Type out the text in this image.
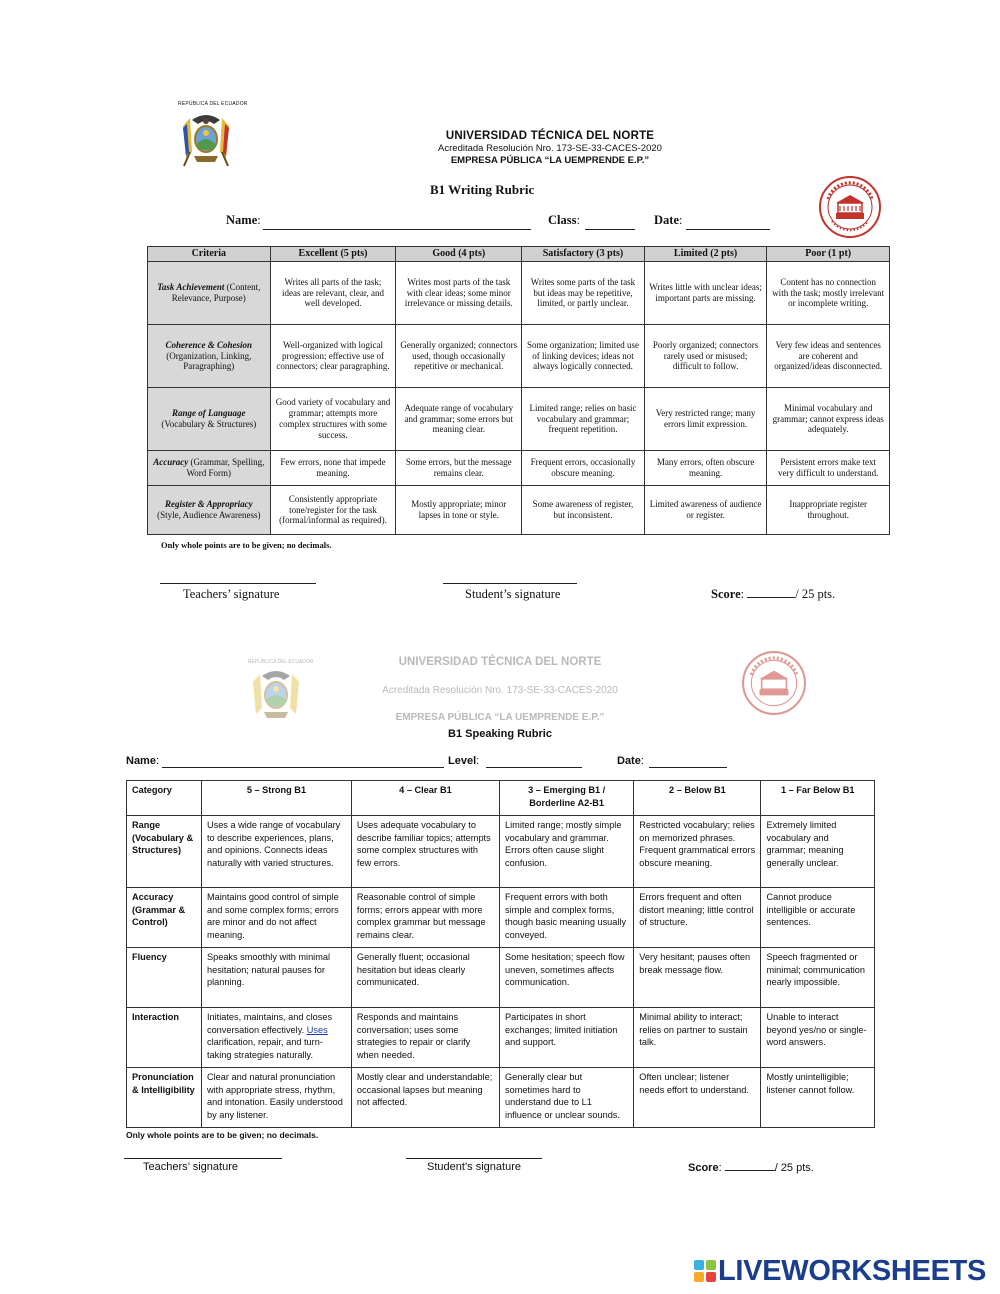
REPÚBLICA DEL ECUADOR
UNIVERSIDAD TÉCNICA DEL NORTE
Acreditada Resolución Nro. 173-SE-33-CACES-2020
EMPRESA PÚBLICA “LA UEMPRENDE E.P.”
B1 Writing Rubric
Name:	Class:	Date:
Criteria	Excellent (5 pts)	Good (4 pts)	Satisfactory (3 pts)	Limited (2 pts)	Poor (1 pt)
Task Achievement (Content, Relevance, Purpose)	Writes all parts of the task; ideas are relevant, clear, and well developed.	Writes most parts of the task with clear ideas; some minor irrelevance or missing details.	Writes some parts of the task but ideas may be repetitive, limited, or partly unclear.	Writes little with unclear ideas; important parts are missing.	Content has no connection with the task; mostly irrelevant or incomplete writing.
Coherence & Cohesion (Organization, Linking, Paragraphing)	Well-organized with logical progression; effective use of connectors; clear paragraphing.	Generally organized; connectors used, though occasionally repetitive or mechanical.	Some organization; limited use of linking devices; ideas not always logically connected.	Poorly organized; connectors rarely used or misused; difficult to follow.	Very few ideas and sentences are coherent and organized/ideas disconnected.
Range of Language (Vocabulary & Structures)	Good variety of vocabulary and grammar; attempts more complex structures with some success.	Adequate range of vocabulary and grammar; some errors but meaning clear.	Limited range; relies on basic vocabulary and grammar; frequent repetition.	Very restricted range; many errors limit expression.	Minimal vocabulary and grammar; cannot express ideas adequately.
Accuracy (Grammar, Spelling, Word Form)	Few errors, none that impede meaning.	Some errors, but the message remains clear.	Frequent errors, occasionally obscure meaning.	Many errors, often obscure meaning.	Persistent errors make text very difficult to understand.
Register & Appropriacy (Style, Audience Awareness)	Consistently appropriate tone/register for the task (formal/informal as required).	Mostly appropriate; minor lapses in tone or style.	Some awareness of register, but inconsistent.	Limited awareness of audience or register.	Inappropriate register throughout.
Only whole points are to be given; no decimals.
Teachers’ signature	Student’s signature	Score:	/ 25 pts.
REPÚBLICA DEL ECUADOR	UNIVERSIDAD TÉCNICA DEL NORTE
Acreditada Resolución Nro. 173-SE-33-CACES-2020
EMPRESA PÚBLICA “LA UEMPRENDE E.P.”
B1 Speaking Rubric
Name:	Level:	Date:
Category	5 – Strong B1	4 – Clear B1	3 – Emerging B1 / Borderline A2-B1	2 – Below B1	1 – Far Below B1
Range (Vocabulary & Structures)	Uses a wide range of vocabulary to describe experiences, plans, and opinions. Connects ideas naturally with varied structures.	Uses adequate vocabulary to describe familiar topics; attempts some complex structures with few errors.	Limited range; mostly simple vocabulary and grammar. Errors often cause slight confusion.	Restricted vocabulary; relies on memorized phrases. Frequent grammatical errors obscure meaning.	Extremely limited vocabulary and grammar; meaning generally unclear.
Accuracy (Grammar & Control)	Maintains good control of simple and some complex forms; errors are minor and do not affect meaning.	Reasonable control of simple forms; errors appear with more complex grammar but message remains clear.	Frequent errors with both simple and complex forms, though basic meaning usually conveyed.	Errors frequent and often distort meaning; little control of structure.	Cannot produce intelligible or accurate sentences.
Fluency	Speaks smoothly with minimal hesitation; natural pauses for planning.	Generally fluent; occasional hesitation but ideas clearly communicated.	Some hesitation; speech flow uneven, sometimes affects communication.	Very hesitant; pauses often break message flow.	Speech fragmented or minimal; communication nearly impossible.
Interaction	Initiates, maintains, and closes conversation effectively. Uses clarification, repair, and turn-taking strategies naturally.	Responds and maintains conversation; uses some strategies to repair or clarify when needed.	Participates in short exchanges; limited initiation and support.	Minimal ability to interact; relies on partner to sustain talk.	Unable to interact beyond yes/no or single-word answers.
Pronunciation & Intelligibility	Clear and natural pronunciation with appropriate stress, rhythm, and intonation. Easily understood by any listener.	Mostly clear and understandable; occasional lapses but meaning not affected.	Generally clear but sometimes hard to understand due to L1 influence or unclear sounds.	Often unclear; listener needs effort to understand.	Mostly unintelligible; listener cannot follow.
Only whole points are to be given; no decimals.
Teachers’ signature	Student’s signature	Score:	/ 25 pts.
LIVEWORKSHEETS
